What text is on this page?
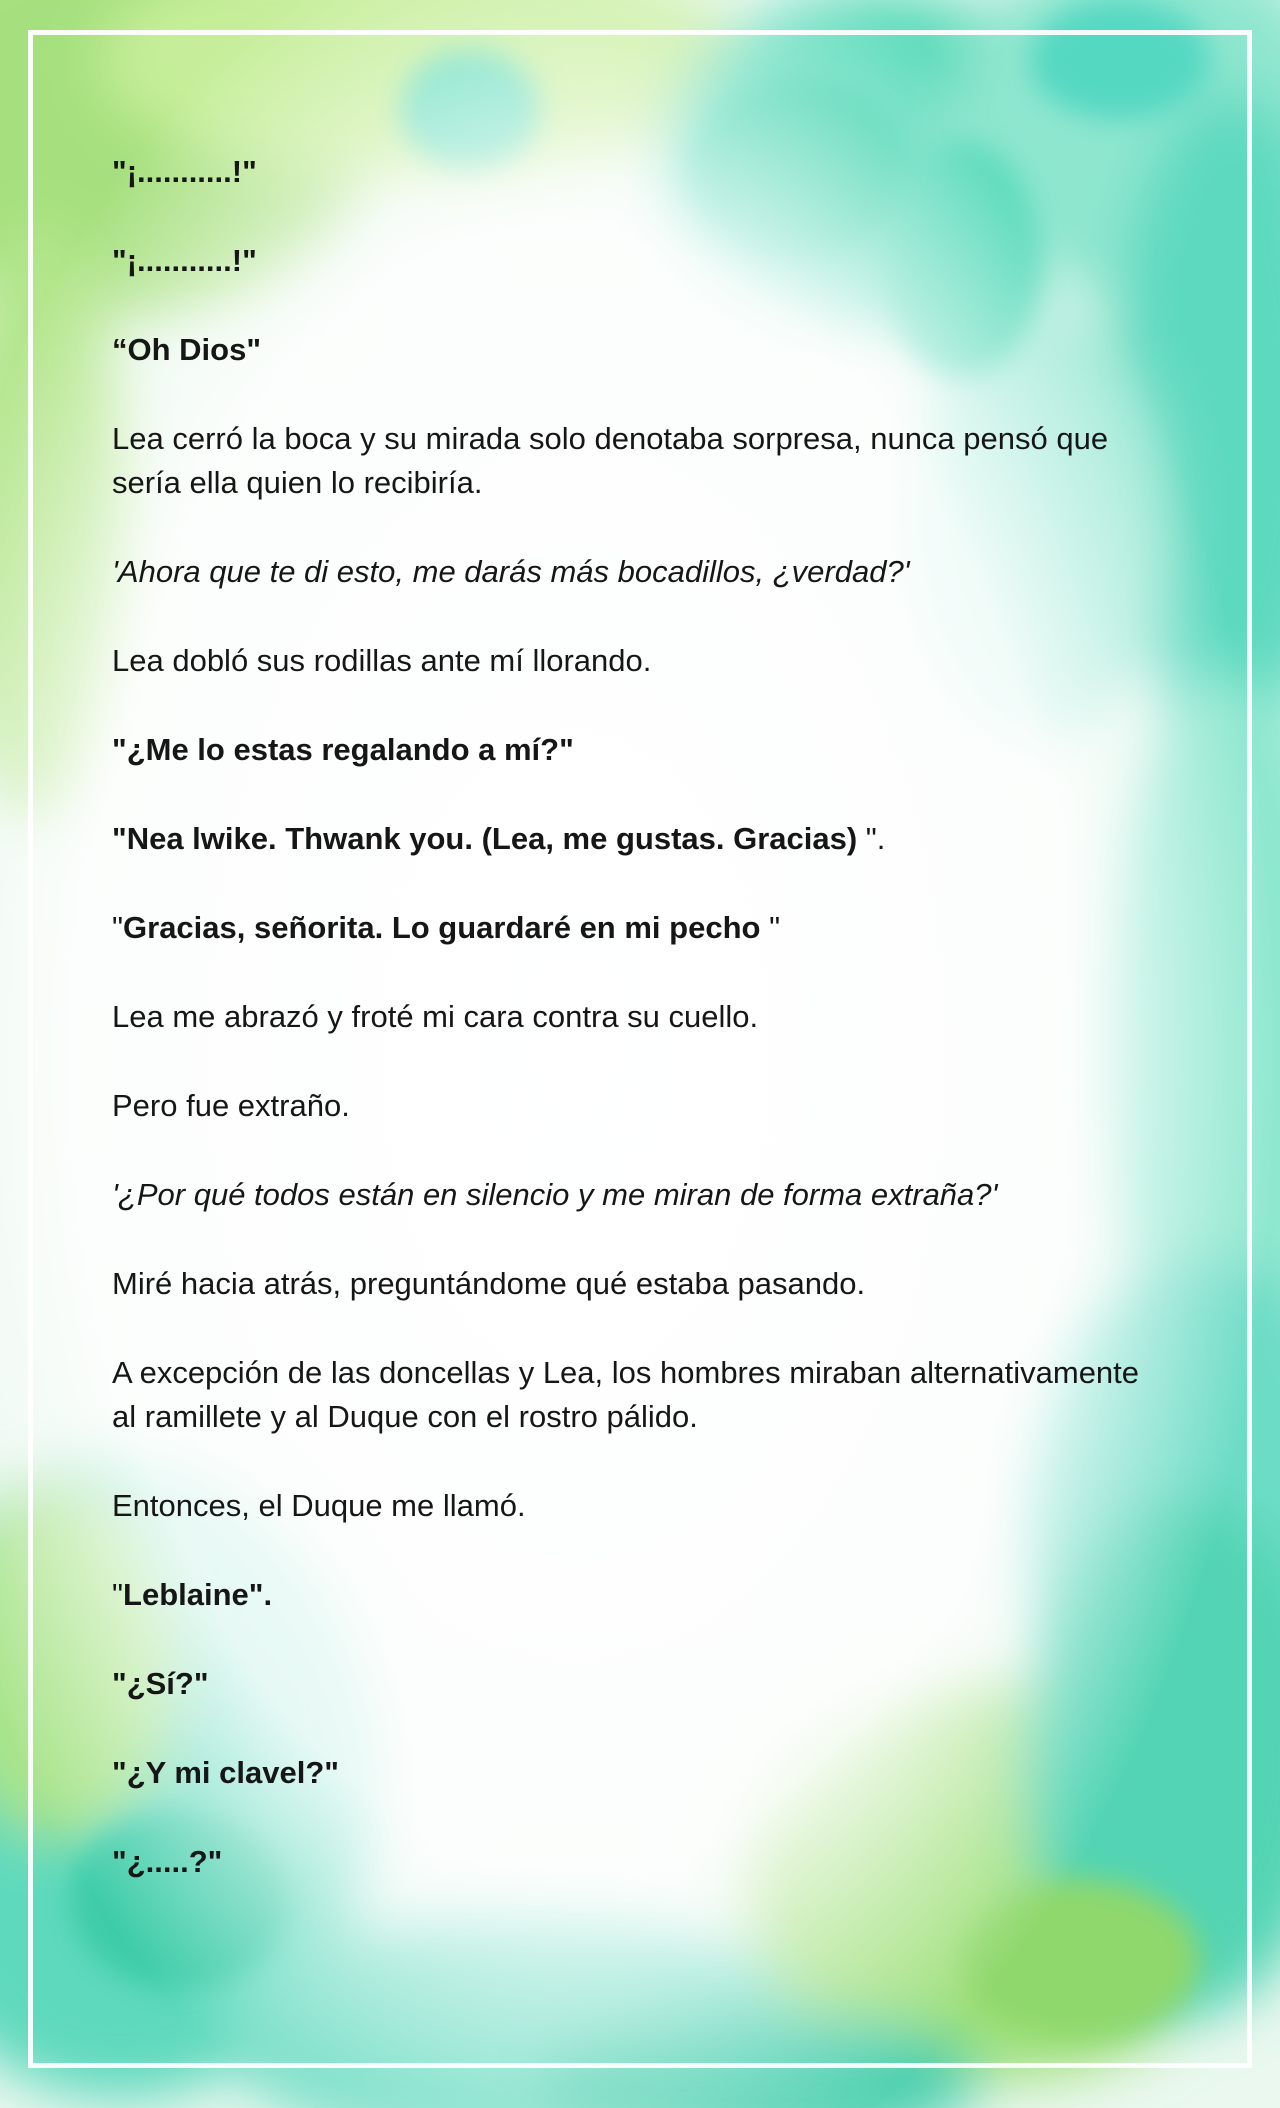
"¡...........!"

"¡...........!"

“Oh Dios"

Lea cerró la boca y su mirada solo denotaba sorpresa, nunca pensó que sería ella quien lo recibiría.

'Ahora que te di esto, me darás más bocadillos, ¿verdad?'

Lea dobló sus rodillas ante mí llorando.

"¿Me lo estas regalando a mí?"

"Nea lwike. Thwank you. (Lea, me gustas. Gracias) ".

"Gracias, señorita. Lo guardaré en mi pecho "

Lea me abrazó y froté mi cara contra su cuello.

Pero fue extraño.

'¿Por qué todos están en silencio y me miran de forma extraña?'

Miré hacia atrás, preguntándome qué estaba pasando.

A excepción de las doncellas y Lea, los hombres miraban alternativamente al ramillete y al Duque con el rostro pálido.

Entonces, el Duque me llamó.

"Leblaine".

"¿Sí?"

"¿Y mi clavel?"

"¿.....?"
